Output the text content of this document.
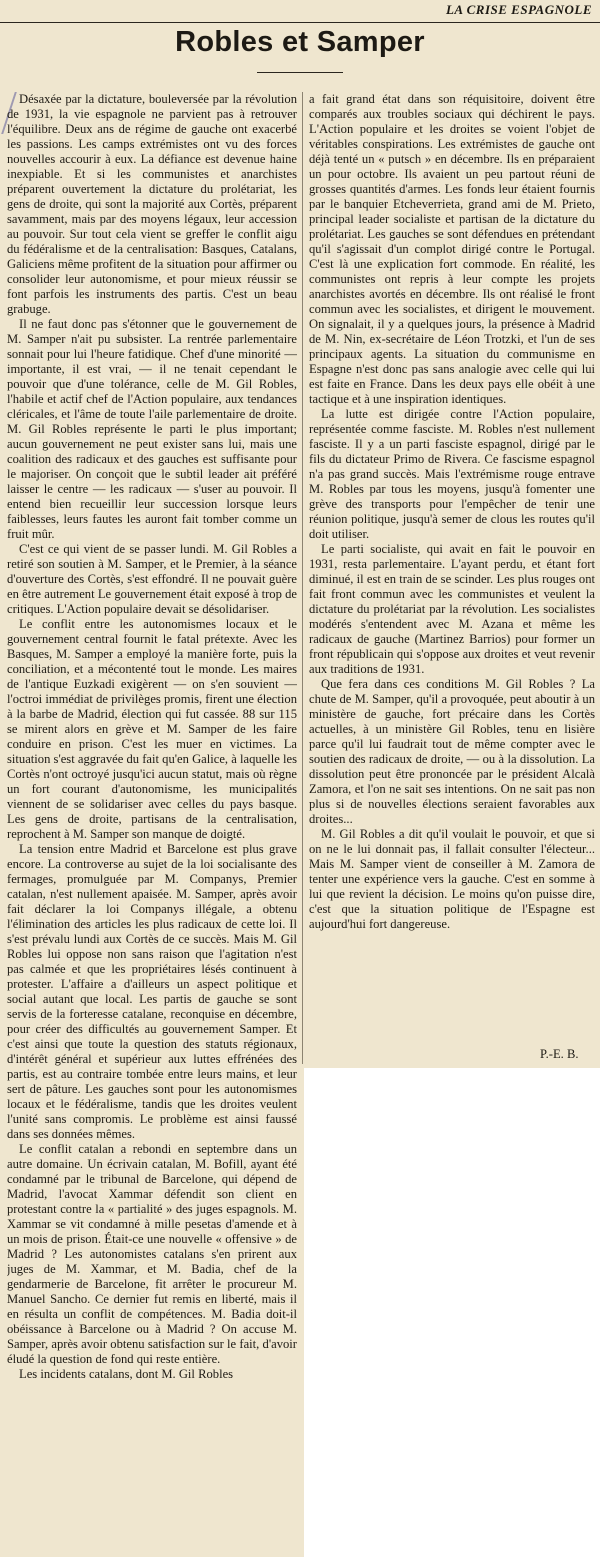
LA CRISE ESPAGNOLE

Robles et Samper

Désaxée par la dictature, bouleversée par la révolution de 1931, la vie espagnole ne parvient pas à retrouver l'équilibre. Deux ans de régime de gauche ont exacerbé les passions. Les camps extrémistes ont vu des forces nouvelles accourir à eux. La défiance est devenue haine inexpiable. Et si les communistes et anarchistes préparent ouvertement la dictature du prolétariat, les gens de droite, qui sont la majorité aux Cortès, préparent savamment, mais par des moyens légaux, leur accession au pouvoir. Sur tout cela vient se greffer le conflit aigu du fédéralisme et de la centralisation: Basques, Catalans, Galiciens même profitent de la situation pour affirmer ou consolider leur autonomisme, et pour mieux réussir se font parfois les instruments des partis. C'est un beau grabuge.

Il ne faut donc pas s'étonner que le gouvernement de M. Samper n'ait pu subsister. La rentrée parlementaire sonnait pour lui l'heure fatidique. Chef d'une minorité — importante, il est vrai, — il ne tenait cependant le pouvoir que d'une tolérance, celle de M. Gil Robles, l'habile et actif chef de l'Action populaire, aux tendances cléricales, et l'âme de toute l'aile parlementaire de droite. M. Gil Robles représente le parti le plus important; aucun gouvernement ne peut exister sans lui, mais une coalition des radicaux et des gauches est suffisante pour le majoriser. On conçoit que le subtil leader ait préféré laisser le centre — les radicaux — s'user au pouvoir. Il entend bien recueillir leur succession lorsque leurs faiblesses, leurs fautes les auront fait tomber comme un fruit mûr.

C'est ce qui vient de se passer lundi. M. Gil Robles a retiré son soutien à M. Samper, et le Premier, à la séance d'ouverture des Cortès, s'est effondré. Il ne pouvait guère en être autrement Le gouvernement était exposé à trop de critiques. L'Action populaire devait se désolidariser.

Le conflit entre les autonomismes locaux et le gouvernement central fournit le fatal prétexte. Avec les Basques, M. Samper a employé la manière forte, puis la conciliation, et a mécontenté tout le monde. Les maires de l'antique Euzkadi exigèrent — on s'en souvient — l'octroi immédiat de privilèges promis, firent une élection à la barbe de Madrid, élection qui fut cassée. 88 sur 115 se mirent alors en grève et M. Samper de les faire conduire en prison. C'est les muer en victimes. La situation s'est aggravée du fait qu'en Galice, à laquelle les Cortès n'ont octroyé jusqu'ici aucun statut, mais où règne un fort courant d'autonomisme, les municipalités viennent de se solidariser avec celles du pays basque. Les gens de droite, partisans de la centralisation, reprochent à M. Samper son manque de doigté.

La tension entre Madrid et Barcelone est plus grave encore. La controverse au sujet de la loi socialisante des fermages, promulguée par M. Companys, Premier catalan, n'est nullement apaisée. M. Samper, après avoir fait déclarer la loi Companys illégale, a obtenu l'élimination des articles les plus radicaux de cette loi. Il s'est prévalu lundi aux Cortès de ce succès. Mais M. Gil Robles lui oppose non sans raison que l'agitation n'est pas calmée et que les propriétaires lésés continuent à protester. L'affaire a d'ailleurs un aspect politique et social autant que local. Les partis de gauche se sont servis de la forteresse catalane, reconquise en décembre, pour créer des difficultés au gouvernement Samper. Et c'est ainsi que toute la question des statuts régionaux, d'intérêt général et supérieur aux luttes effrénées des partis, est au contraire tombée entre leurs mains, et leur sert de pâture. Les gauches sont pour les autonomismes locaux et le fédéralisme, tandis que les droites veulent l'unité sans compromis. Le problème est ainsi faussé dans ses données mêmes.

Le conflit catalan a rebondi en septembre dans un autre domaine. Un écrivain catalan, M. Bofill, ayant été condamné par le tribunal de Barcelone, qui dépend de Madrid, l'avocat Xammar défendit son client en protestant contre la « partialité » des juges espagnols. M. Xammar se vit condamné à mille pesetas d'amende et à un mois de prison. Était-ce une nouvelle « offensive » de Madrid ? Les autonomistes catalans s'en prirent aux juges de M. Xammar, et M. Badia, chef de la gendarmerie de Barcelone, fit arrêter le procureur M. Manuel Sancho. Ce dernier fut remis en liberté, mais il en résulta un conflit de compétences. M. Badia doit-il obéissance à Barcelone ou à Madrid ? On accuse M. Samper, après avoir obtenu satisfaction sur le fait, d'avoir éludé la question de fond qui reste entière.

Les incidents catalans, dont M. Gil Robles

a fait grand état dans son réquisitoire, doivent être comparés aux troubles sociaux qui déchirent le pays. L'Action populaire et les droites se voient l'objet de véritables conspirations. Les extrémistes de gauche ont déjà tenté un « putsch » en décembre. Ils en préparaient un pour octobre. Ils avaient un peu partout réuni de grosses quantités d'armes. Les fonds leur étaient fournis par le banquier Etcheverrieta, grand ami de M. Prieto, principal leader socialiste et partisan de la dictature du prolétariat. Les gauches se sont défendues en prétendant qu'il s'agissait d'un complot dirigé contre le Portugal. C'est là une explication fort commode. En réalité, les communistes ont repris à leur compte les projets anarchistes avortés en décembre. Ils ont réalisé le front commun avec les socialistes, et dirigent le mouvement. On signalait, il y a quelques jours, la présence à Madrid de M. Nin, ex-secrétaire de Léon Trotzki, et l'un de ses principaux agents. La situation du communisme en Espagne n'est donc pas sans analogie avec celle qui lui est faite en France. Dans les deux pays elle obéit à une tactique et à une inspiration identiques.

La lutte est dirigée contre l'Action populaire, représentée comme fasciste. M. Robles n'est nullement fasciste. Il y a un parti fasciste espagnol, dirigé par le fils du dictateur Primo de Rivera. Ce fascisme espagnol n'a pas grand succès. Mais l'extrémisme rouge entrave M. Robles par tous les moyens, jusqu'à fomenter une grève des transports pour l'empêcher de tenir une réunion politique, jusqu'à semer de clous les routes qu'il doit utiliser.

Le parti socialiste, qui avait en fait le pouvoir en 1931, resta parlementaire. L'ayant perdu, et étant fort diminué, il est en train de se scinder. Les plus rouges ont fait front commun avec les communistes et veulent la dictature du prolétariat par la révolution. Les socialistes modérés s'entendent avec M. Azana et même les radicaux de gauche (Martinez Barrios) pour former un front républicain qui s'oppose aux droites et veut revenir aux traditions de 1931.

Que fera dans ces conditions M. Gil Robles ? La chute de M. Samper, qu'il a provoquée, peut aboutir à un ministère de gauche, fort précaire dans les Cortès actuelles, à un ministère Gil Robles, tenu en lisière parce qu'il lui faudrait tout de même compter avec le soutien des radicaux de droite, — ou à la dissolution. La dissolution peut être prononcée par le président Alcalà Zamora, et l'on ne sait ses intentions. On ne sait pas non plus si de nouvelles élections seraient favorables aux droites...

M. Gil Robles a dit qu'il voulait le pouvoir, et que si on ne le lui donnait pas, il fallait consulter l'électeur... Mais M. Samper vient de conseiller à M. Zamora de tenter une expérience vers la gauche. C'est en somme à lui que revient la décision. Le moins qu'on puisse dire, c'est que la situation politique de l'Espagne est aujourd'hui fort dangereuse.

P.-E. B.
